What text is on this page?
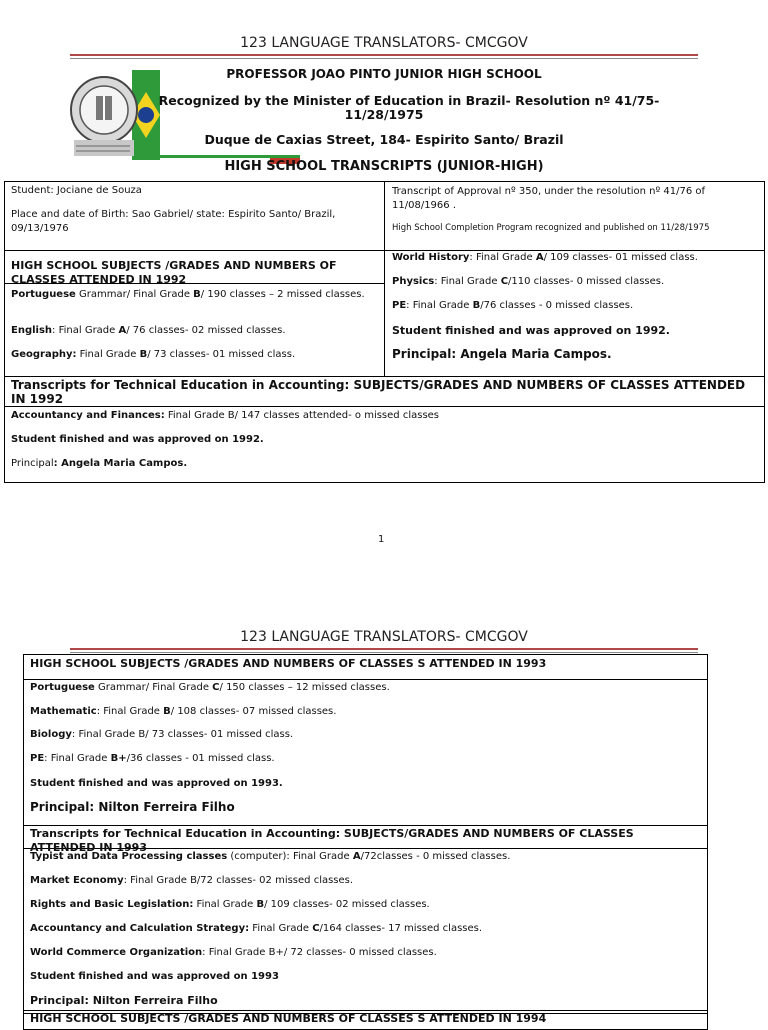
123 LANGUAGE TRANSLATORS- CMCGOV
PROFESSOR JOAO PINTO JUNIOR HIGH SCHOOL
Recognized by the Minister of Education in Brazil- Resolution nº 41/75-
11/28/1975
Duque de Caxias Street, 184- Espirito Santo/ Brazil
HIGH SCHOOL TRANSCRIPTS (JUNIOR-HIGH)
Student: Jociane de Souza
Place and date of Birth: Sao Gabriel/ state: Espirito Santo/ Brazil, 09/13/1976
Transcript of Approval nº 350, under the resolution nº 41/76 of 11/08/1966 .
High School Completion Program recognized and published on 11/28/1975
HIGH SCHOOL SUBJECTS /GRADES AND NUMBERS OF CLASSES ATTENDED IN 1992
Portuguese Grammar/ Final Grade B/ 190 classes – 2 missed classes.
English: Final Grade A/ 76 classes- 02 missed classes.
Geography: Final Grade B/ 73 classes- 01 missed class.
World History: Final Grade A/ 109 classes- 01 missed class.
Physics: Final Grade C/110 classes- 0 missed classes.
PE: Final Grade B/76 classes - 0 missed classes.
Student finished and was approved on 1992.
Principal: Angela Maria Campos.
Transcripts for Technical Education in Accounting: SUBJECTS/GRADES AND NUMBERS OF CLASSES ATTENDED IN 1992
Accountancy and Finances: Final Grade B/ 147 classes attended- o missed classes
Student finished and was approved on 1992.
Principal: Angela Maria Campos.
1
123 LANGUAGE TRANSLATORS- CMCGOV
HIGH SCHOOL SUBJECTS /GRADES AND NUMBERS OF CLASSES S ATTENDED IN 1993
Portuguese Grammar/ Final Grade C/ 150 classes – 12 missed classes.
Mathematic: Final Grade B/ 108 classes- 07 missed classes.
Biology: Final Grade B/ 73 classes- 01 missed class.
PE: Final Grade B+/36 classes - 01 missed class.
Student finished and was approved on 1993.
Principal: Nilton Ferreira Filho
Transcripts for Technical Education in Accounting: SUBJECTS/GRADES AND NUMBERS OF CLASSES ATTENDED IN 1993
Typist and Data Processing classes (computer): Final Grade A/72classes - 0 missed classes.
Market Economy: Final Grade B/72 classes- 02 missed classes.
Rights and Basic Legislation: Final Grade B/ 109 classes- 02 missed classes.
Accountancy and Calculation Strategy: Final Grade C/164 classes- 17 missed classes.
World Commerce Organization: Final Grade B+/ 72 classes- 0 missed classes.
Student finished and was approved on 1993
Principal: Nilton Ferreira Filho
HIGH SCHOOL SUBJECTS /GRADES AND NUMBERS OF CLASSES S ATTENDED IN 1994
